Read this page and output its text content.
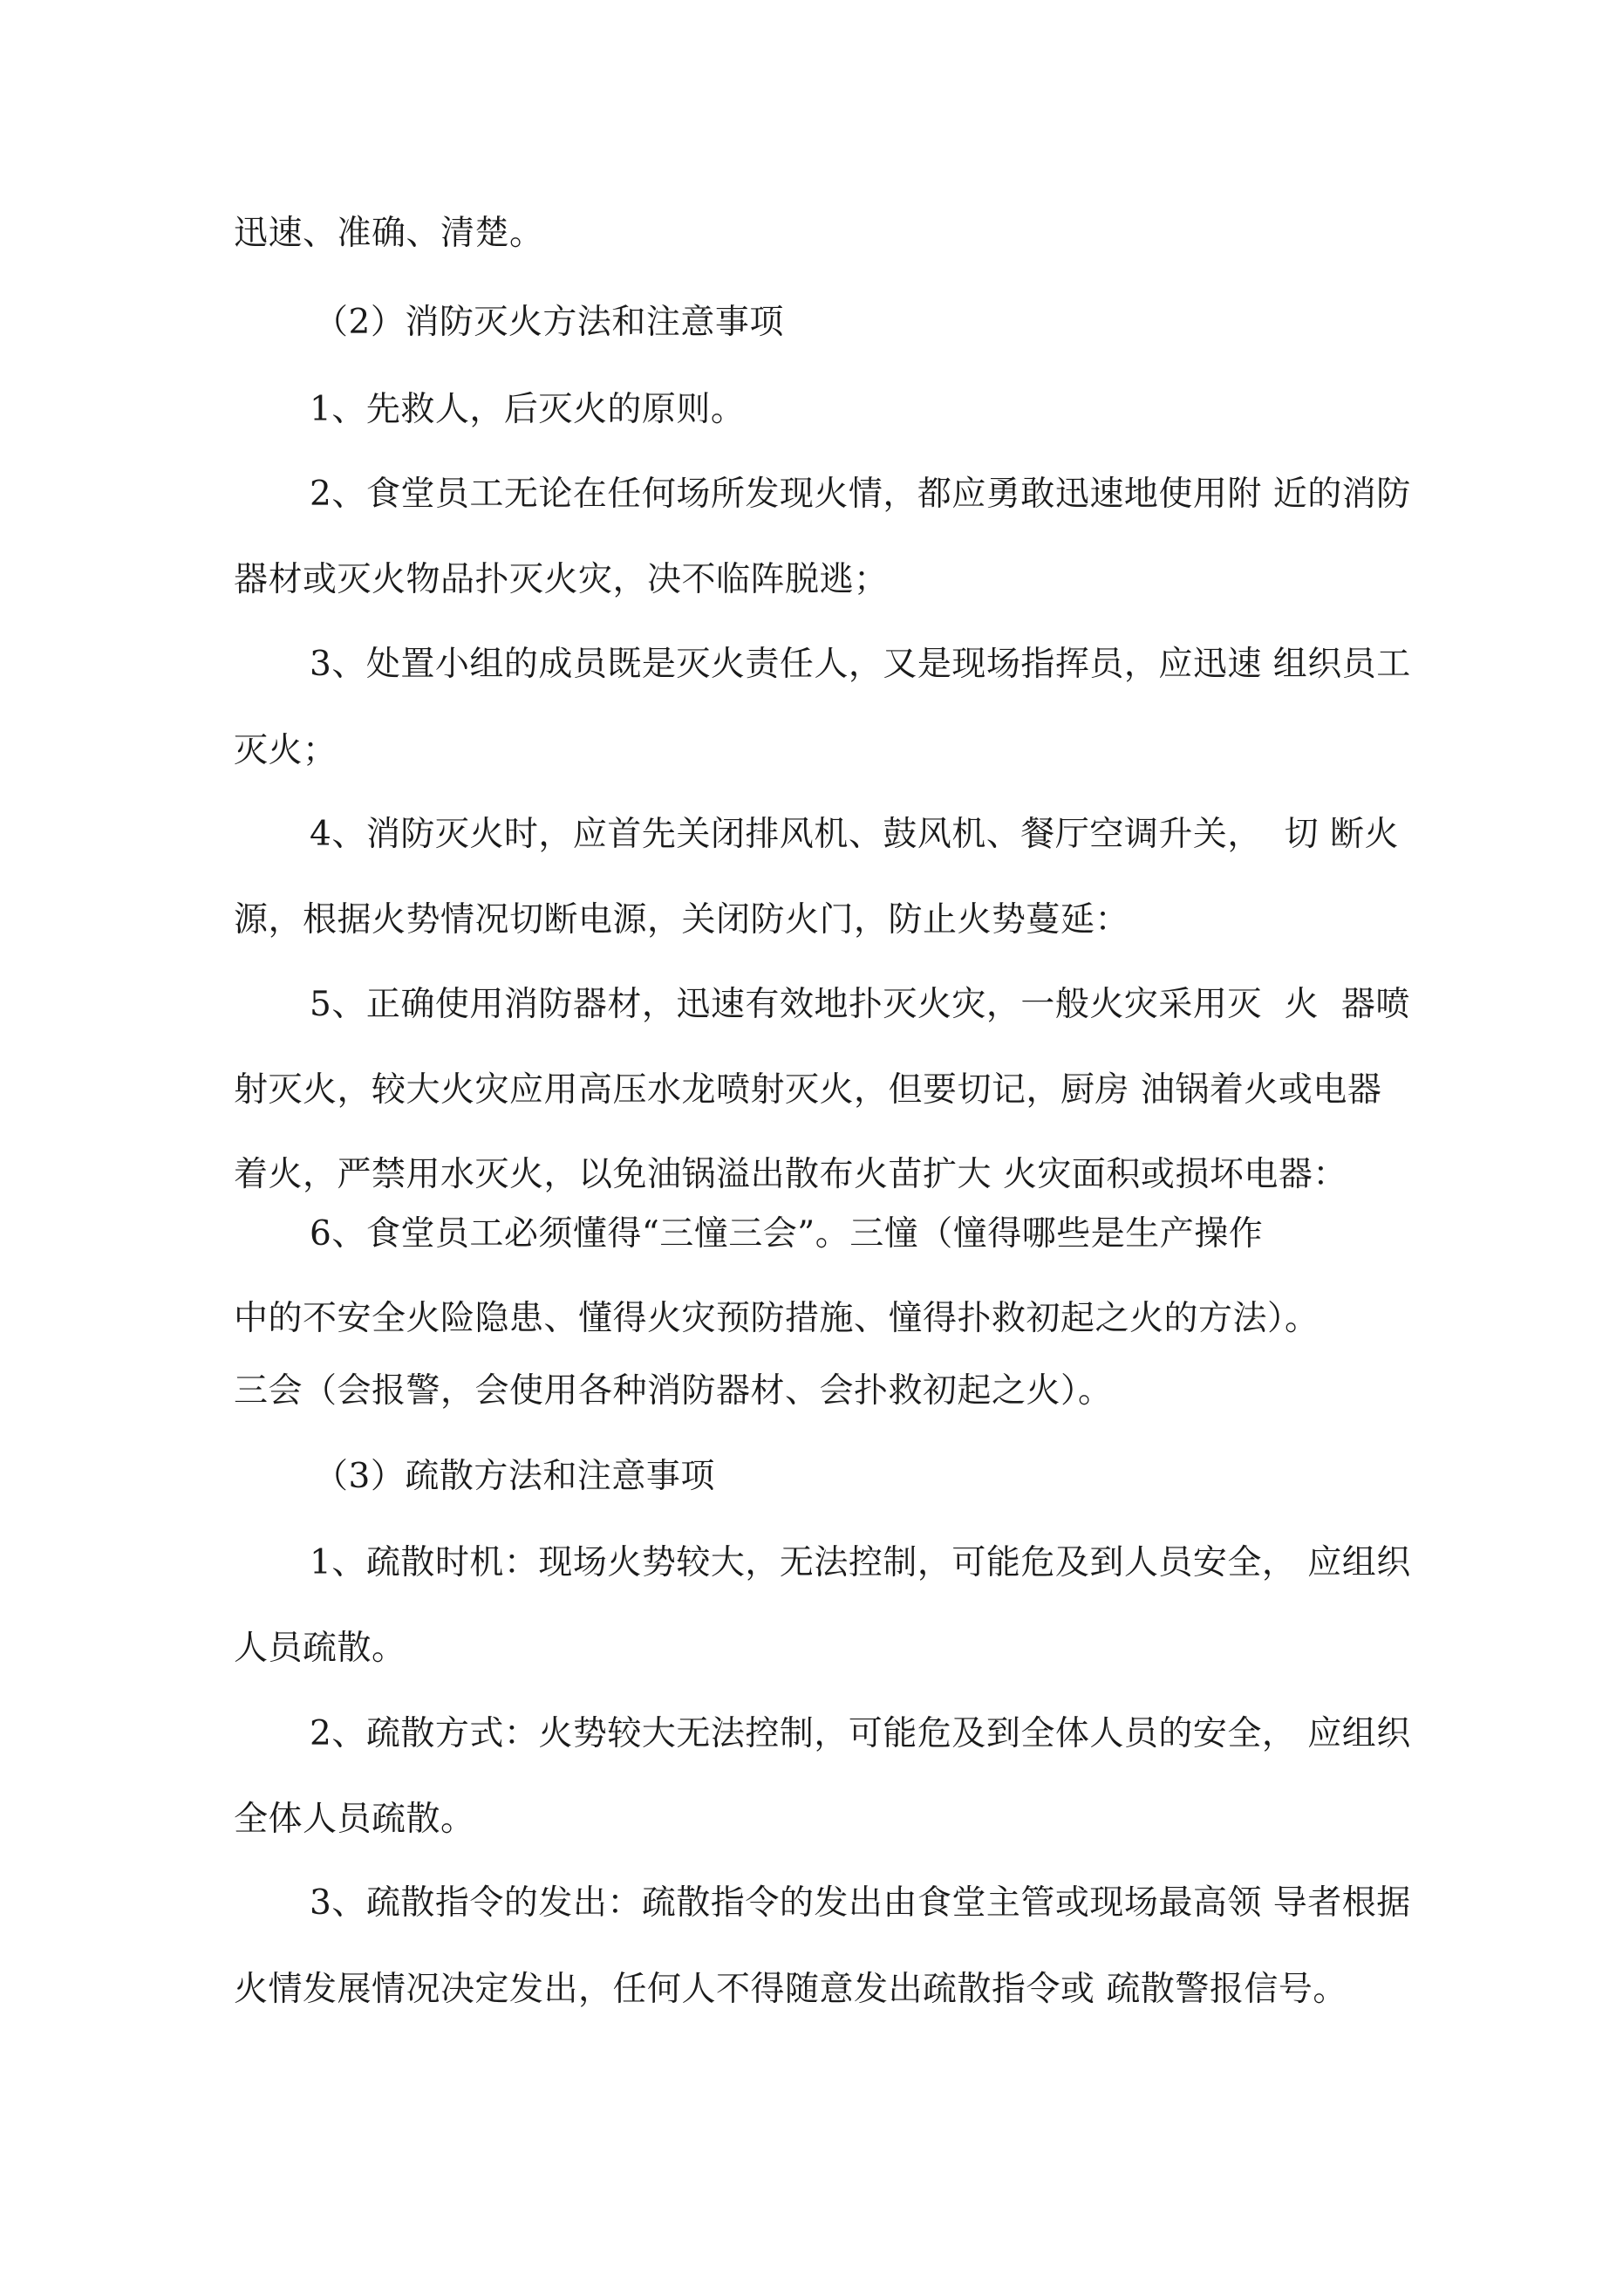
迅速、准确、清楚。
（2）消防灭火方法和注意事项
1、先救人，后灭火的原则。
2、食堂员工无论在任何场所发现火情，都应勇敢迅速地使用附 近的消防
器材或灭火物品扑灭火灾，决不临阵脱逃；
3、处置小组的成员既是灭火责任人，又是现场指挥员，应迅速 组织员工
灭火；
4、消防灭火时，应首先关闭排风机、鼓风机、餐厅空调升关，  切 断火
源，根据火势情况切断电源，关闭防火门，防止火势蔓延：
5、正确使用消防器材，迅速有效地扑灭火灾，一般火灾采用灭  火  器喷
射灭火，较大火灾应用高压水龙喷射灭火，但要切记，厨房 油锅着火或电器
着火，严禁用水灭火，以免油锅溢出散布火苗扩大 火灾面积或损坏电器：
6、食堂员工必须懂得“三憧三会”。三憧（憧得哪些是生产操作
中的不安全火险隐患、懂得火灾预防措施、憧得扑救初起之火的方法）。
三会（会报警，会使用各种消防器材、会扑救初起之火）。
（3）疏散方法和注意事项
1、疏散时机：现场火势较大，无法控制，可能危及到人员安全， 应组织
人员疏散。
2、疏散方式：火势较大无法控制，可能危及到全体人员的安全， 应组织
全体人员疏散。
3、疏散指令的发出：疏散指令的发出由食堂主管或现场最高领 导者根据
火情发展情况决定发出，任何人不得随意发出疏散指令或 疏散警报信号。
